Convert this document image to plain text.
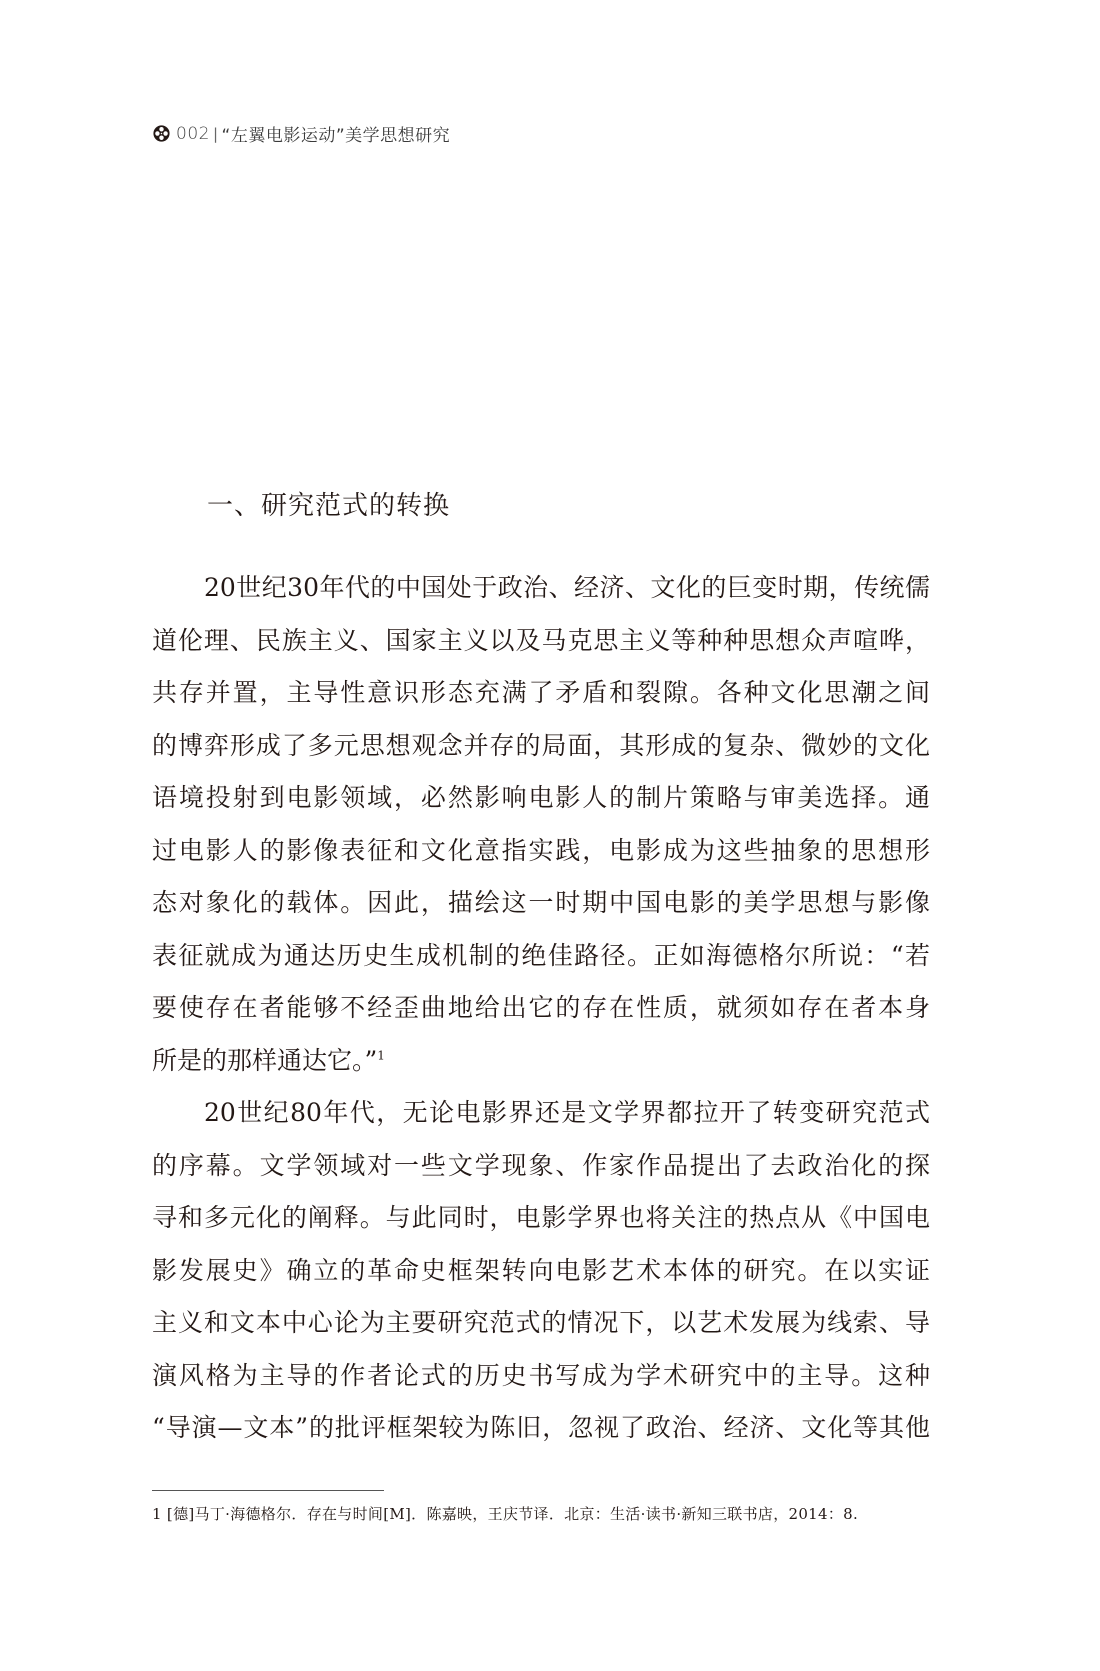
002 | “左翼电影运动”美学思想研究
一、研究范式的转换
20世纪30年代的中国处于政治、经济、文化的巨变时期，传统儒
道伦理、民族主义、国家主义以及马克思主义等种种思想众声喧哗，
共存并置，主导性意识形态充满了矛盾和裂隙。各种文化思潮之间
的博弈形成了多元思想观念并存的局面，其形成的复杂、微妙的文化
语境投射到电影领域，必然影响电影人的制片策略与审美选择。通
过电影人的影像表征和文化意指实践，电影成为这些抽象的思想形
态对象化的载体。因此，描绘这一时期中国电影的美学思想与影像
表征就成为通达历史生成机制的绝佳路径。正如海德格尔所说：“若
要使存在者能够不经歪曲地给出它的存在性质，就须如存在者本身
所是的那样通达它。”$^1$
20世纪80年代，无论电影界还是文学界都拉开了转变研究范式
的序幕。文学领域对一些文学现象、作家作品提出了去政治化的探
寻和多元化的阐释。与此同时，电影学界也将关注的热点从《中国电
影发展史》确立的革命史框架转向电影艺术本体的研究。在以实证
主义和文本中心论为主要研究范式的情况下，以艺术发展为线索、导
演风格为主导的作者论式的历史书写成为学术研究中的主导。这种
“导演—文本”的批评框架较为陈旧，忽视了政治、经济、文化等其他
1 [德]马丁·海德格尔．存在与时间[M]．陈嘉映，王庆节译．北京：生活·读书·新知三联书店，2014：8.
